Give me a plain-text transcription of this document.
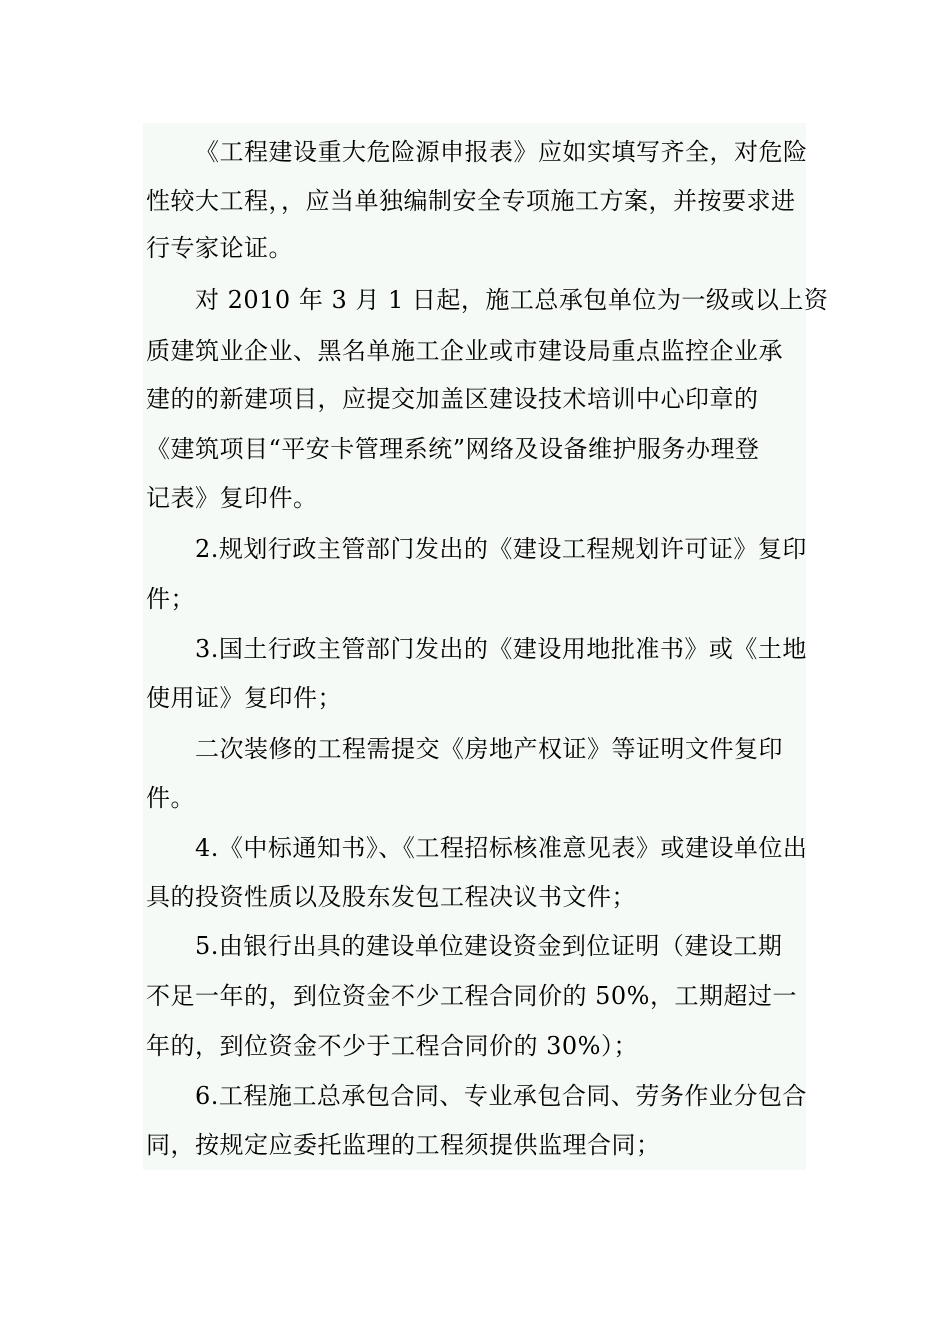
《工程建设重大危险源申报表》应如实填写齐全，对危险
性较大工程，，应当单独编制安全专项施工方案，并按要求进
行专家论证。
对 2010 年 3 月 1 日起，施工总承包单位为一级或以上资
质建筑业企业、黑名单施工企业或市建设局重点监控企业承
建的的新建项目，应提交加盖区建设技术培训中心印章的
《建筑项目“平安卡管理系统”网络及设备维护服务办理登
记表》复印件。
2.规划行政主管部门发出的《建设工程规划许可证》复印
件；
3.国土行政主管部门发出的《建设用地批准书》或《土地
使用证》复印件；
二次装修的工程需提交《房地产权证》等证明文件复印
件。
4.《中标通知书》、《工程招标核准意见表》或建设单位出
具的投资性质以及股东发包工程决议书文件；
5.由银行出具的建设单位建设资金到位证明（建设工期
不足一年的，到位资金不少工程合同价的 50%，工期超过一
年的，到位资金不少于工程合同价的 30%）；
6.工程施工总承包合同、专业承包合同、劳务作业分包合
同，按规定应委托监理的工程须提供监理合同；
